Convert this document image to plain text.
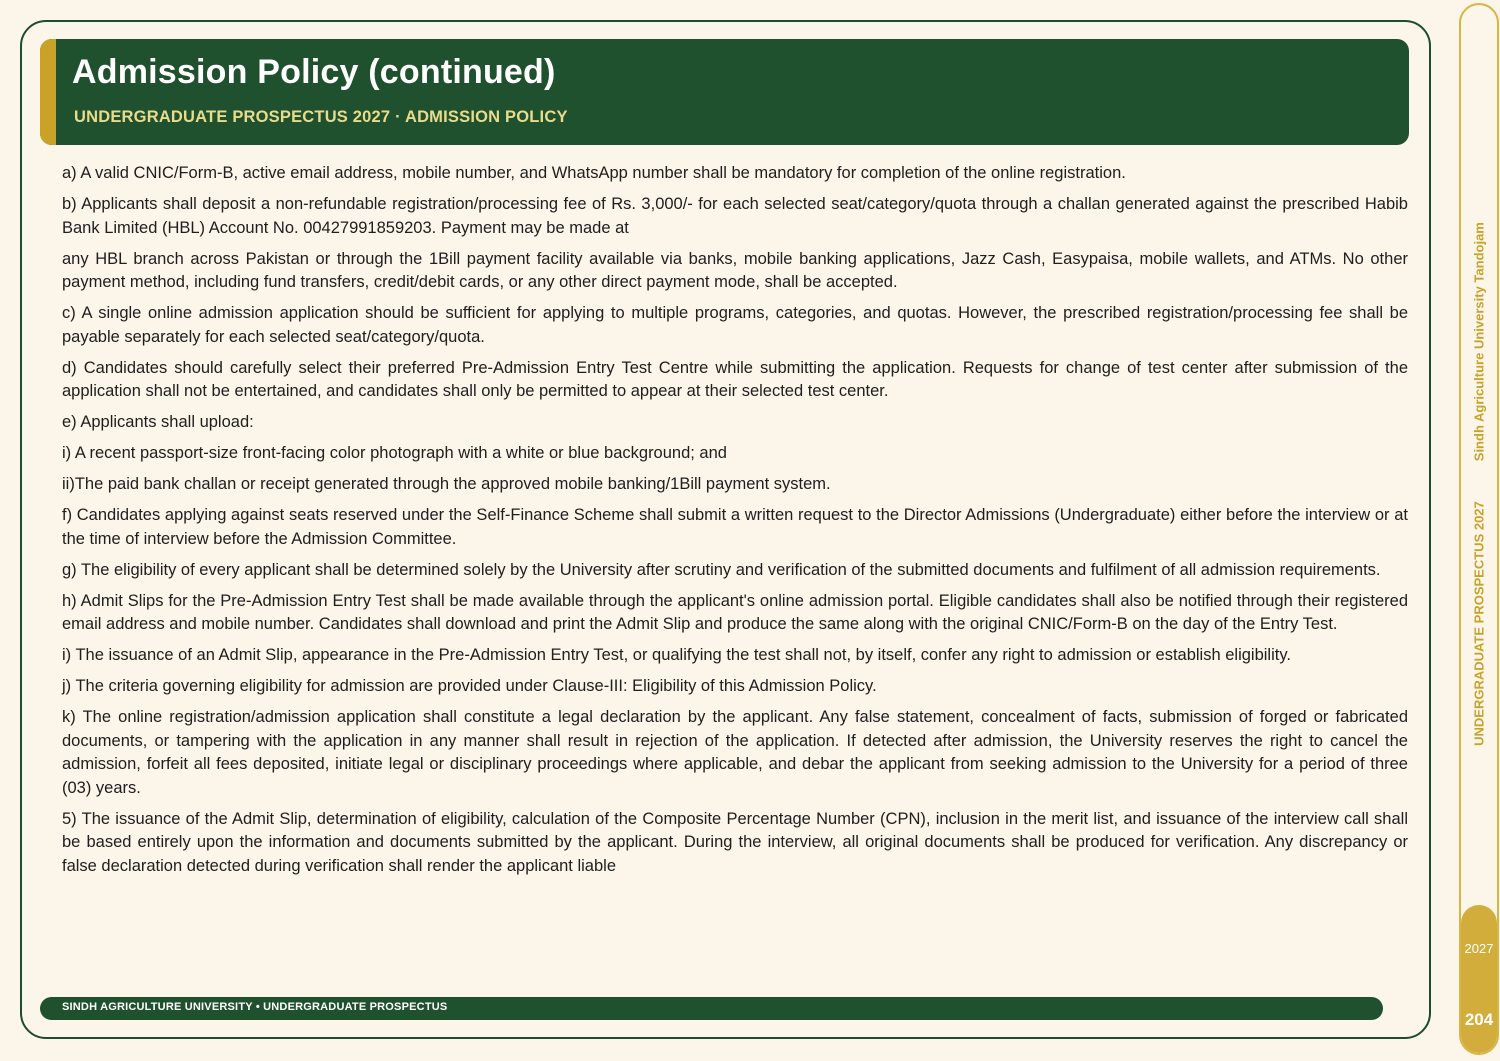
Admission Policy (continued)
UNDERGRADUATE PROSPECTUS 2027 · ADMISSION POLICY

a) A valid CNIC/Form-B, active email address, mobile number, and WhatsApp number shall be mandatory for completion of the online registration.

b) Applicants shall deposit a non-refundable registration/processing fee of Rs. 3,000/- for each selected seat/category/quota through a challan generated against the prescribed Habib Bank Limited (HBL) Account No. 00427991859203. Payment may be made at

any HBL branch across Pakistan or through the 1Bill payment facility available via banks, mobile banking applications, Jazz Cash, Easypaisa, mobile wallets, and ATMs. No other payment method, including fund transfers, credit/debit cards, or any other direct payment mode, shall be accepted.

c) A single online admission application should be sufficient for applying to multiple programs, categories, and quotas. However, the prescribed registration/processing fee shall be payable separately for each selected seat/category/quota.

d) Candidates should carefully select their preferred Pre-Admission Entry Test Centre while submitting the application. Requests for change of test center after submission of the application shall not be entertained, and candidates shall only be permitted to appear at their selected test center.

e) Applicants shall upload:

i) A recent passport-size front-facing color photograph with a white or blue background; and

ii)The paid bank challan or receipt generated through the approved mobile banking/1Bill payment system.

f) Candidates applying against seats reserved under the Self-Finance Scheme shall submit a written request to the Director Admissions (Undergraduate) either before the interview or at the time of interview before the Admission Committee.

g) The eligibility of every applicant shall be determined solely by the University after scrutiny and verification of the submitted documents and fulfilment of all admission requirements.

h) Admit Slips for the Pre-Admission Entry Test shall be made available through the applicant's online admission portal. Eligible candidates shall also be notified through their registered email address and mobile number. Candidates shall download and print the Admit Slip and produce the same along with the original CNIC/Form-B on the day of the Entry Test.

i) The issuance of an Admit Slip, appearance in the Pre-Admission Entry Test, or qualifying the test shall not, by itself, confer any right to admission or establish eligibility.

j) The criteria governing eligibility for admission are provided under Clause-III: Eligibility of this Admission Policy.

k) The online registration/admission application shall constitute a legal declaration by the applicant. Any false statement, concealment of facts, submission of forged or fabricated documents, or tampering with the application in any manner shall result in rejection of the application. If detected after admission, the University reserves the right to cancel the admission, forfeit all fees deposited, initiate legal or disciplinary proceedings where applicable, and debar the applicant from seeking admission to the University for a period of three (03) years.

5) The issuance of the Admit Slip, determination of eligibility, calculation of the Composite Percentage Number (CPN), inclusion in the merit list, and issuance of the interview call shall be based entirely upon the information and documents submitted by the applicant. During the interview, all original documents shall be produced for verification. Any discrepancy or false declaration detected during verification shall render the applicant liable

SINDH AGRICULTURE UNIVERSITY • UNDERGRADUATE PROSPECTUS
UNDERGRADUATE PROSPECTUS 2027Sindh Agriculture University Tandojam
2027
204
